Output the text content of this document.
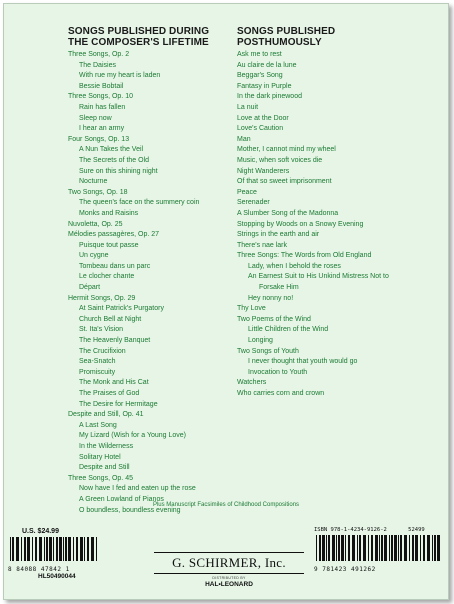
SONGS PUBLISHED DURING
THE COMPOSER'S LIFETIME
Three Songs, Op. 2
The Daisies
With rue my heart is laden
Bessie Bobtail
Three Songs, Op. 10
Rain has fallen
Sleep now
I hear an army
Four Songs, Op. 13
A Nun Takes the Veil
The Secrets of the Old
Sure on this shining night
Nocturne
Two Songs, Op. 18
The queen's face on the summery coin
Monks and Raisins
Nuvoletta, Op. 25
Mélodies passagères, Op. 27
Puisque tout passe
Un cygne
Tombeau dans un parc
Le clocher chante
Départ
Hermit Songs, Op. 29
At Saint Patrick's Purgatory
Church Bell at Night
St. Ita's Vision
The Heavenly Banquet
The Crucifixion
Sea-Snatch
Promiscuity
The Monk and His Cat
The Praises of God
The Desire for Hermitage
Despite and Still, Op. 41
A Last Song
My Lizard (Wish for a Young Love)
In the Wilderness
Solitary Hotel
Despite and Still
Three Songs, Op. 45
Now have I fed and eaten up the rose
A Green Lowland of Pianos
O boundless, boundless evening
SONGS PUBLISHED
POSTHUMOUSLY
Ask me to rest
Au claire de la lune
Beggar's Song
Fantasy in Purple
In the dark pinewood
La nuit
Love at the Door
Love's Caution
Man
Mother, I cannot mind my wheel
Music, when soft voices die
Night Wanderers
Of that so sweet imprisonment
Peace
Serenader
A Slumber Song of the Madonna
Stopping by Woods on a Snowy Evening
Strings in the earth and air
There's nae lark
Three Songs: The Words from Old England
Lady, when I behold the roses
An Earnest Suit to His Unkind Mistress Not to
Forsake Him
Hey nonny no!
Thy Love
Two Poems of the Wind
Little Children of the Wind
Longing
Two Songs of Youth
I never thought that youth would go
Invocation to Youth
Watchers
Who carries corn and crown
Plus Manuscript Facsimiles of Childhood Compositions
U.S. $24.99
8 84088 47842 1
HL50490044
G. SCHIRMER, Inc.
DISTRIBUTED BY
HAL•LEONARD
ISBN 978-1-4234-9126-2	52499
9 781423 491262
